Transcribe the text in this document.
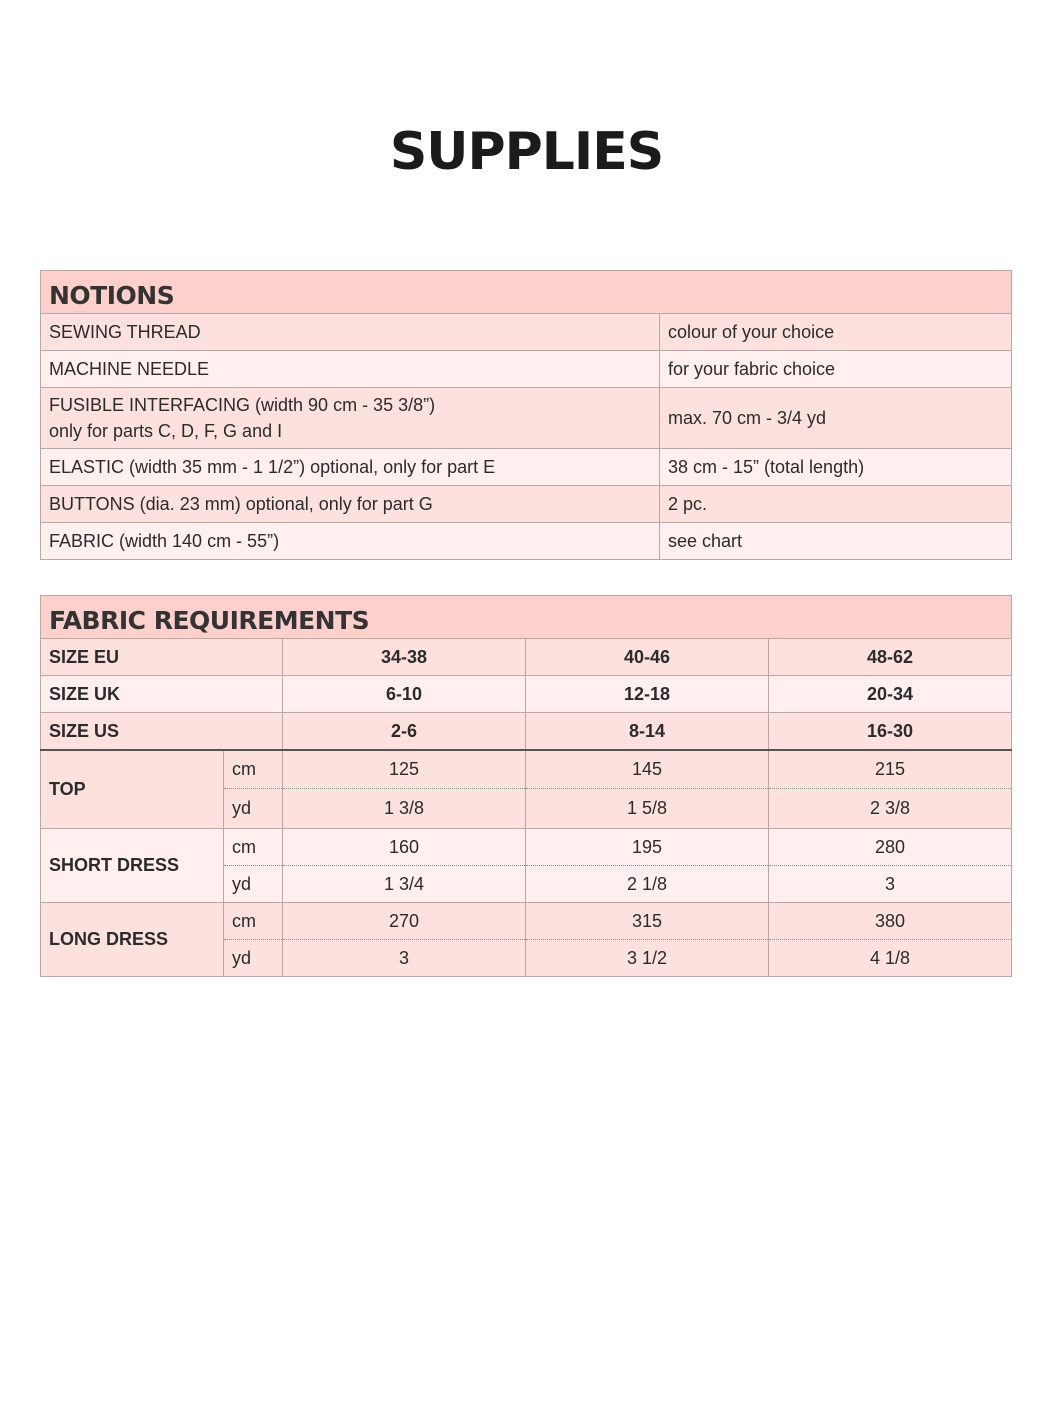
SUPPLIES
NOTIONS	
SEWING THREAD	colour of your choice
MACHINE NEEDLE	for your fabric choice

FUSIBLE INTERFACING (width 90 cm - 35 3/8”)
only for parts C, D, F, G and I	max. 70 cm - 3/4 yd
ELASTIC (width 35 mm - 1 1/2”) optional, only for part E	38 cm - 15” (total length)
BUTTONS (dia. 23 mm) optional, only for part G	2 pc.
FABRIC (width 140 cm - 55”)	see chart
FABRIC REQUIREMENTS				
SIZE EU		34-38	40-46	48-62
SIZE UK		6-10	12-18	20-34
SIZE US		2-6	8-14	16-30
TOP	cm	125	145	215
	yd	1 3/8	1 5/8	2 3/8
SHORT DRESS	cm	160	195	280
	yd	1 3/4	2 1/8	3
LONG DRESS	cm	270	315	380
	yd	3	3 1/2	4 1/8
